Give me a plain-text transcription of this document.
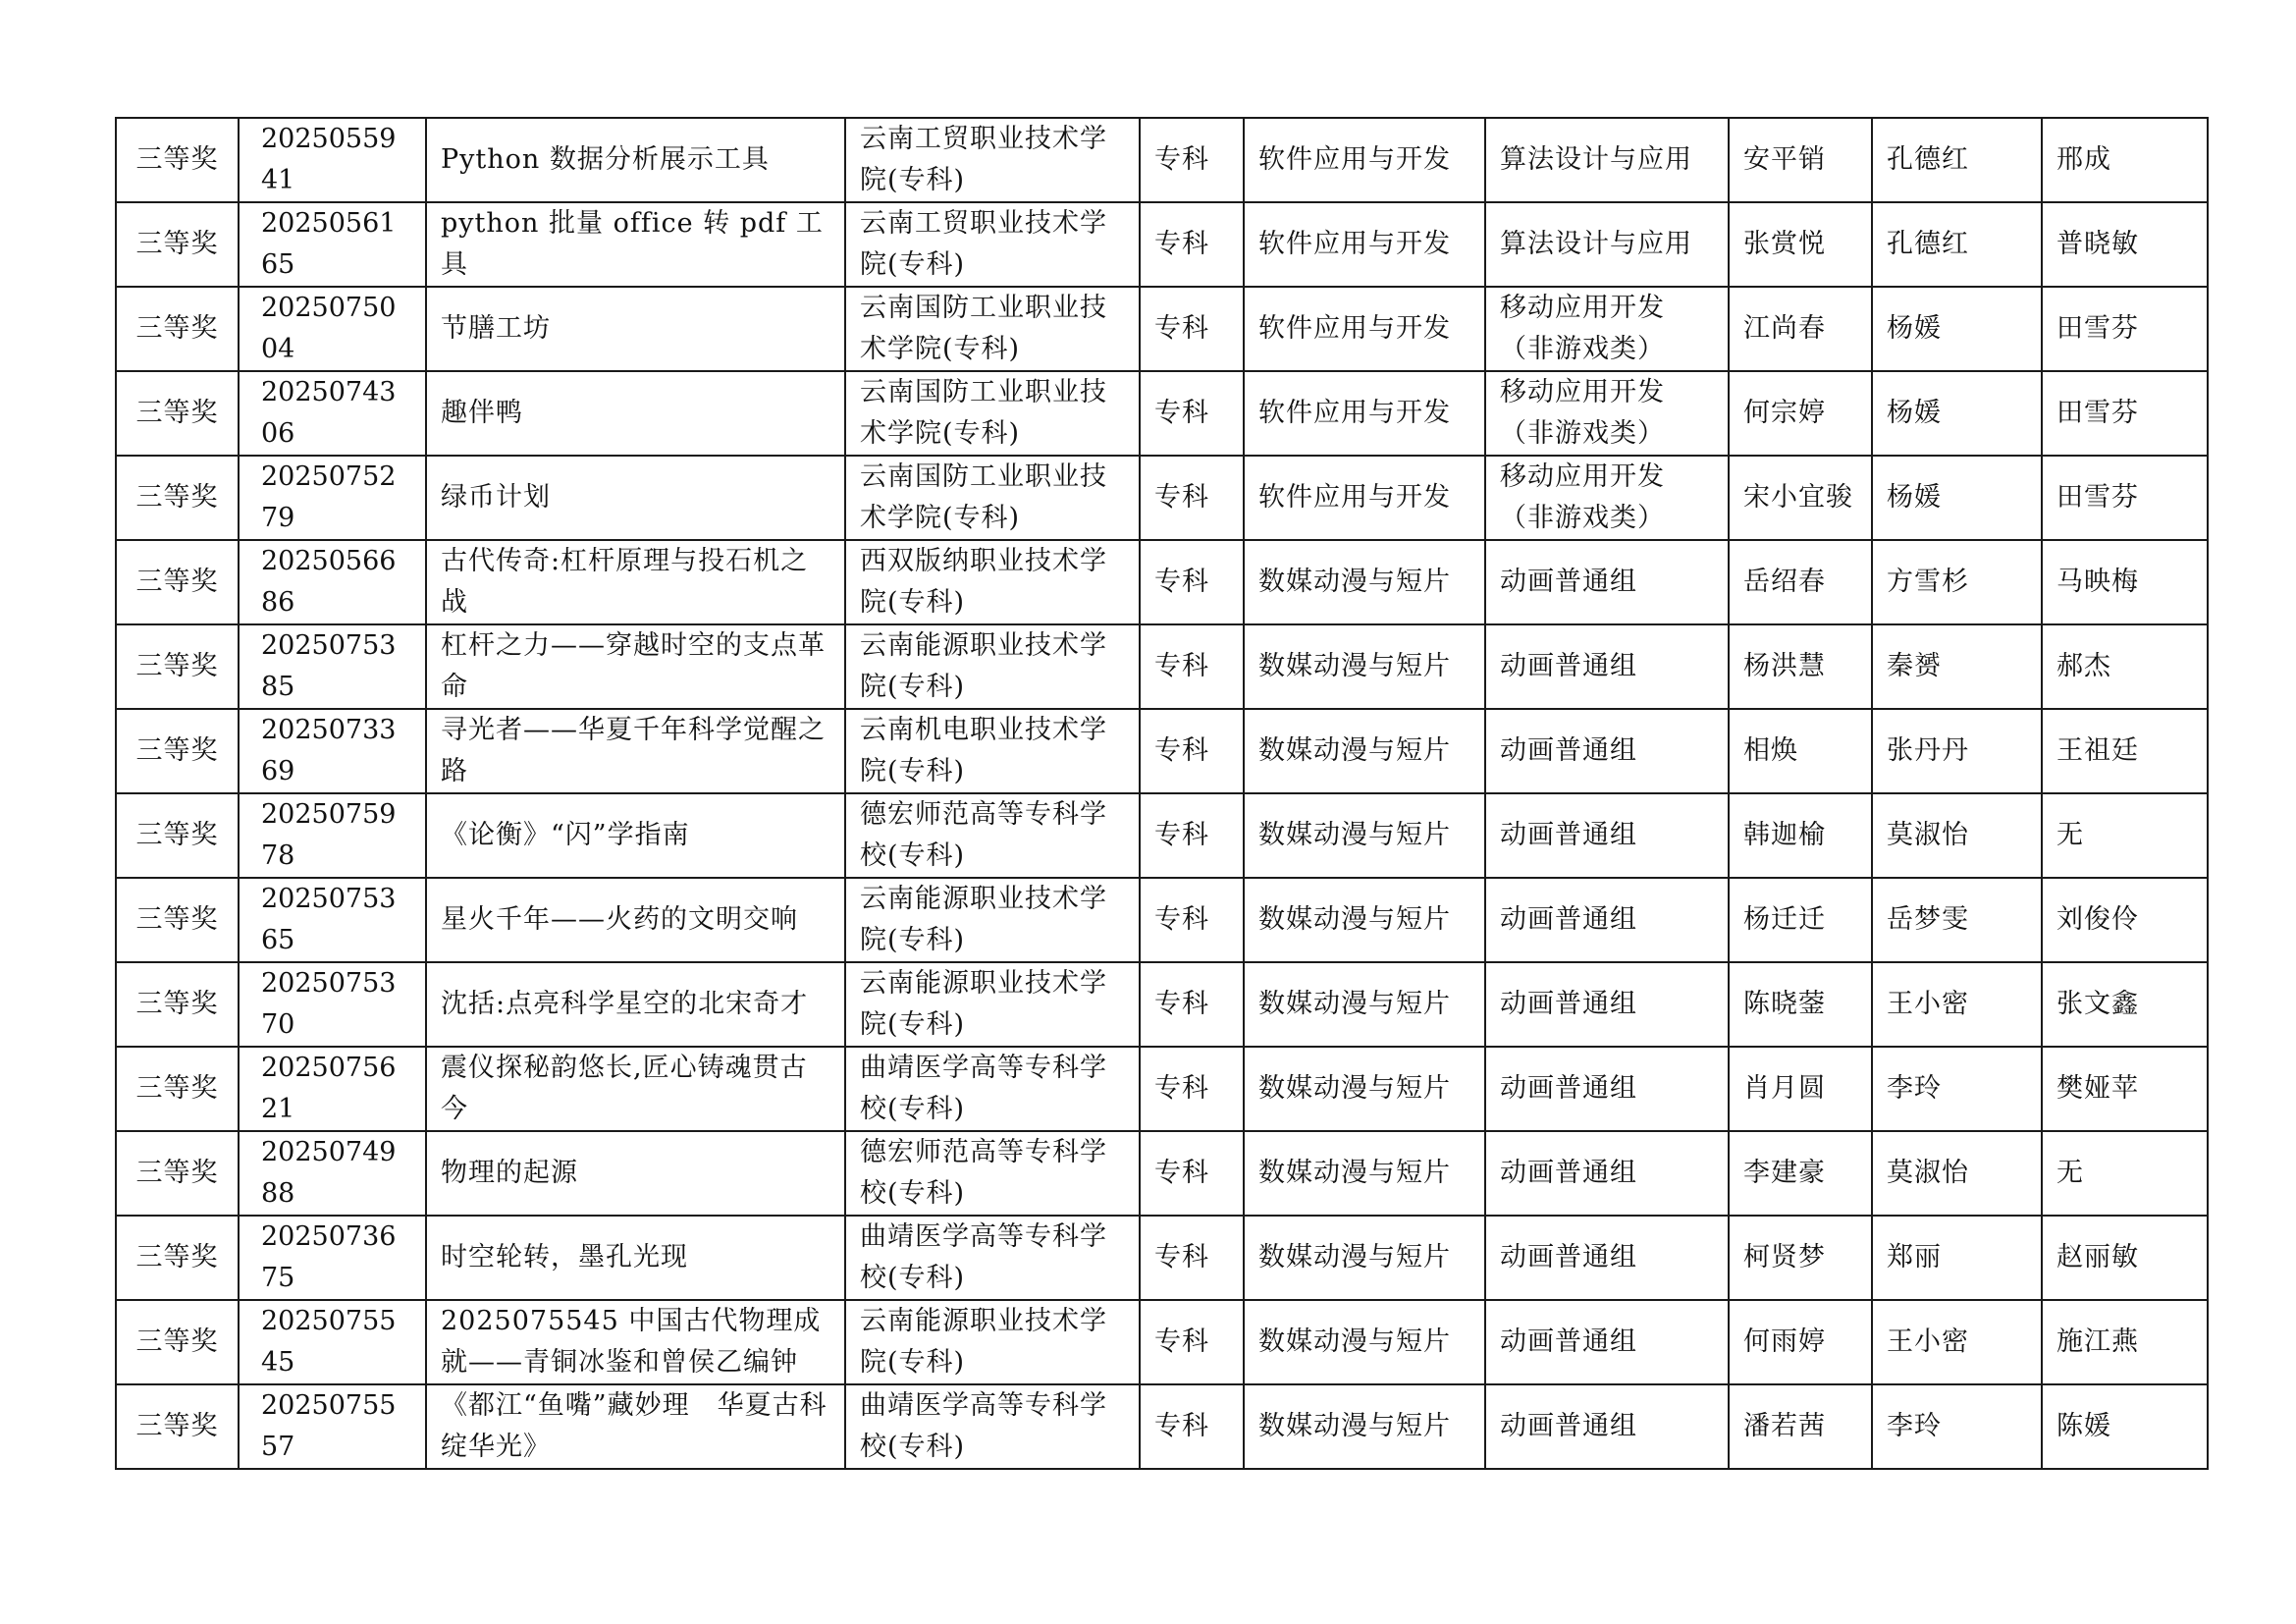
三等奖	2025055941	Python 数据分析展示工具	云南工贸职业技术学院(专科)	专科	软件应用与开发	算法设计与应用	安平销	孔德红	邢成
三等奖	2025056165	python 批量 office 转 pdf 工具	云南工贸职业技术学院(专科)	专科	软件应用与开发	算法设计与应用	张赏悦	孔德红	普晓敏
三等奖	2025075004	节膳工坊	云南国防工业职业技术学院(专科)	专科	软件应用与开发	移动应用开发（非游戏类）	江尚春	杨媛	田雪芬
三等奖	2025074306	趣伴鸭	云南国防工业职业技术学院(专科)	专科	软件应用与开发	移动应用开发（非游戏类）	何宗婷	杨媛	田雪芬
三等奖	2025075279	绿币计划	云南国防工业职业技术学院(专科)	专科	软件应用与开发	移动应用开发（非游戏类）	宋小宜骏	杨媛	田雪芬
三等奖	2025056686	古代传奇:杠杆原理与投石机之战	西双版纳职业技术学院(专科)	专科	数媒动漫与短片	动画普通组	岳绍春	方雪杉	马映梅
三等奖	2025075385	杠杆之力——穿越时空的支点革命	云南能源职业技术学院(专科)	专科	数媒动漫与短片	动画普通组	杨洪慧	秦赟	郝杰
三等奖	2025073369	寻光者——华夏千年科学觉醒之路	云南机电职业技术学院(专科)	专科	数媒动漫与短片	动画普通组	相焕	张丹丹	王祖廷
三等奖	2025075978	《论衡》“闪”学指南	德宏师范高等专科学校(专科)	专科	数媒动漫与短片	动画普通组	韩迦榆	莫淑怡	无
三等奖	2025075365	星火千年——火药的文明交响	云南能源职业技术学院(专科)	专科	数媒动漫与短片	动画普通组	杨迁迁	岳梦雯	刘俊伶
三等奖	2025075370	沈括:点亮科学星空的北宋奇才	云南能源职业技术学院(专科)	专科	数媒动漫与短片	动画普通组	陈晓蓥	王小密	张文鑫
三等奖	2025075621	震仪探秘韵悠长,匠心铸魂贯古今	曲靖医学高等专科学校(专科)	专科	数媒动漫与短片	动画普通组	肖月圆	李玲	樊娅苹
三等奖	2025074988	物理的起源	德宏师范高等专科学校(专科)	专科	数媒动漫与短片	动画普通组	李建豪	莫淑怡	无
三等奖	2025073675	时空轮转，墨孔光现	曲靖医学高等专科学校(专科)	专科	数媒动漫与短片	动画普通组	柯贤梦	郑丽	赵丽敏
三等奖	2025075545	2025075545 中国古代物理成就——青铜冰鉴和曾侯乙编钟	云南能源职业技术学院(专科)	专科	数媒动漫与短片	动画普通组	何雨婷	王小密	施江燕
三等奖	2025075557	《都江“鱼嘴”藏妙理　华夏古科绽华光》	曲靖医学高等专科学校(专科)	专科	数媒动漫与短片	动画普通组	潘若茜	李玲	陈媛
